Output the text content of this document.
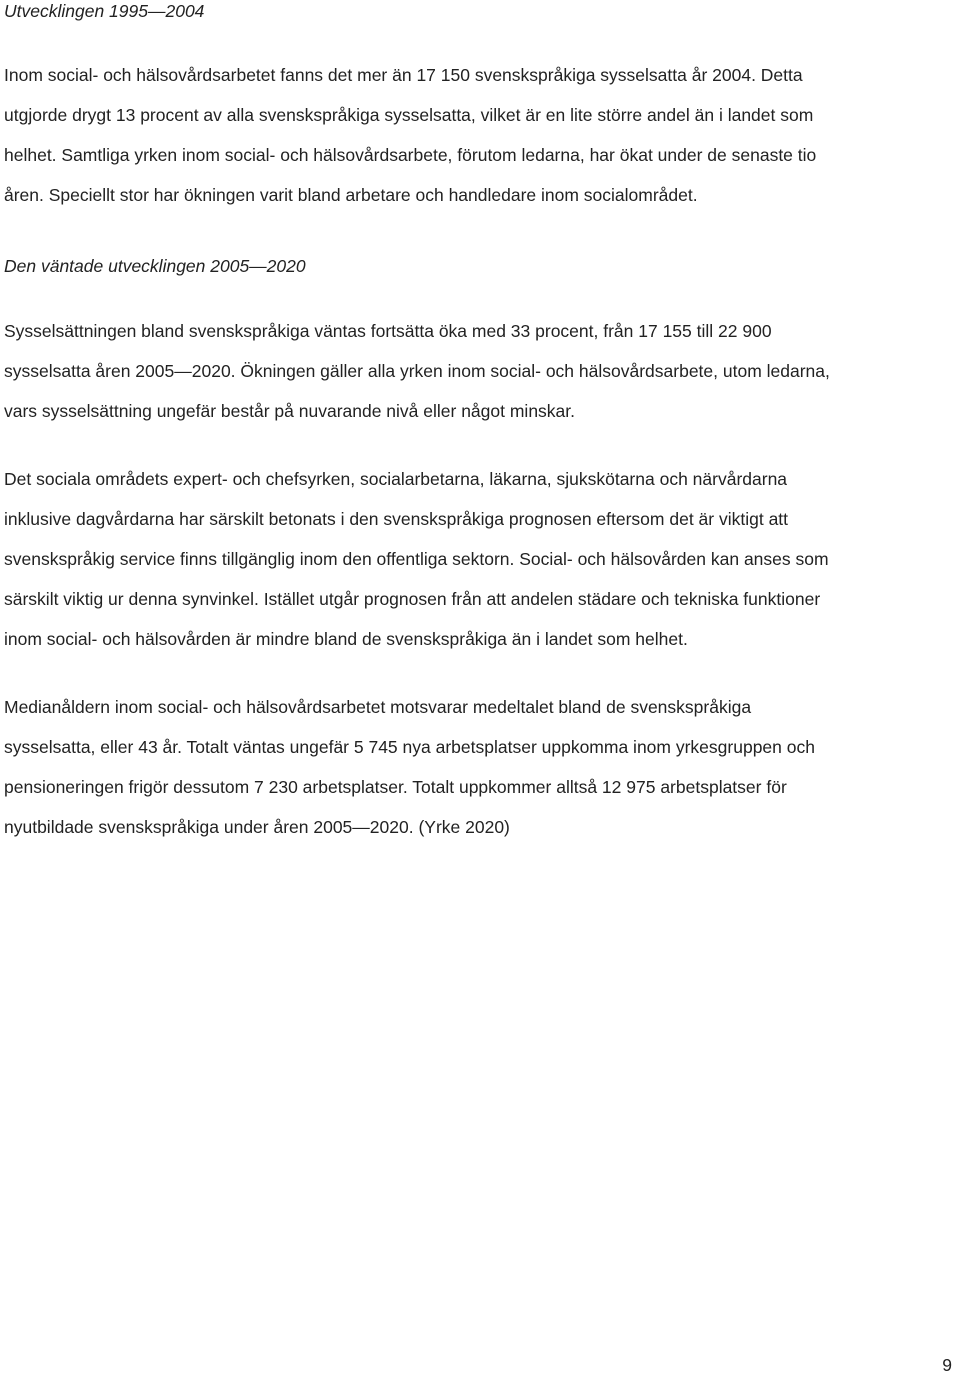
Utvecklingen 1995—2004

Inom social- och hälsovårdsarbetet fanns det mer än 17 150 svenskspråkiga sysselsatta år 2004. Detta
utgjorde drygt 13 procent av alla svenskspråkiga sysselsatta, vilket är en lite större andel än i landet som
helhet. Samtliga yrken inom social- och hälsovårdsarbete, förutom ledarna, har ökat under de senaste tio
åren. Speciellt stor har ökningen varit bland arbetare och handledare inom socialområdet.

Den väntade utvecklingen 2005—2020

Sysselsättningen bland svenskspråkiga väntas fortsätta öka med 33 procent, från 17 155 till 22 900
sysselsatta åren 2005—2020. Ökningen gäller alla yrken inom social- och hälsovårdsarbete, utom ledarna,
vars sysselsättning ungefär består på nuvarande nivå eller något minskar.

Det sociala områdets expert- och chefsyrken, socialarbetarna, läkarna, sjukskötarna och närvårdarna
inklusive dagvårdarna har särskilt betonats i den svenskspråkiga prognosen eftersom det är viktigt att
svenskspråkig service finns tillgänglig inom den offentliga sektorn. Social- och hälsovården kan anses som
särskilt viktig ur denna synvinkel. Istället utgår prognosen från att andelen städare och tekniska funktioner
inom social- och hälsovården är mindre bland de svenskspråkiga än i landet som helhet.

Medianåldern inom social- och hälsovårdsarbetet motsvarar medeltalet bland de svenskspråkiga
sysselsatta, eller 43 år. Totalt väntas ungefär 5 745 nya arbetsplatser uppkomma inom yrkesgruppen och
pensioneringen frigör dessutom 7 230 arbetsplatser. Totalt uppkommer alltså 12 975 arbetsplatser för
nyutbildade svenskspråkiga under åren 2005—2020. (Yrke 2020)

9
